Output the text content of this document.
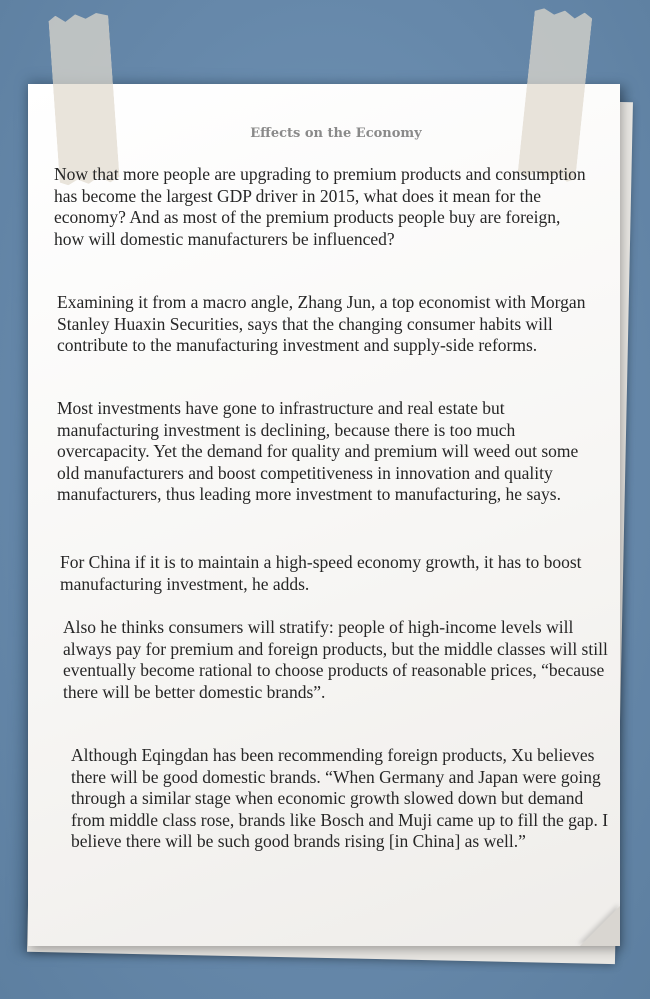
Effects on the Economy

Now that more people are upgrading to premium products and consumption has become the largest GDP driver in 2015, what does it mean for the economy? And as most of the premium products people buy are foreign, how will domestic manufacturers be influenced?

Examining it from a macro angle, Zhang Jun, a top economist with Morgan Stanley Huaxin Securities, says that the changing consumer habits will contribute to the manufacturing investment and supply-side reforms.

Most investments have gone to infrastructure and real estate but manufacturing investment is declining, because there is too much overcapacity. Yet the demand for quality and premium will weed out some old manufacturers and boost competitiveness in innovation and quality manufacturers, thus leading more investment to manufacturing, he says.

For China if it is to maintain a high-speed economy growth, it has to boost manufacturing investment, he adds.

Also he thinks consumers will stratify: people of high-income levels will always pay for premium and foreign products, but the middle classes will still eventually become rational to choose products of reasonable prices, “because there will be better domestic brands”.

Although Eqingdan has been recommending foreign products, Xu believes there will be good domestic brands. “When Germany and Japan were going through a similar stage when economic growth slowed down but demand from middle class rose, brands like Bosch and Muji came up to fill the gap. I believe there will be such good brands rising [in China] as well.”
